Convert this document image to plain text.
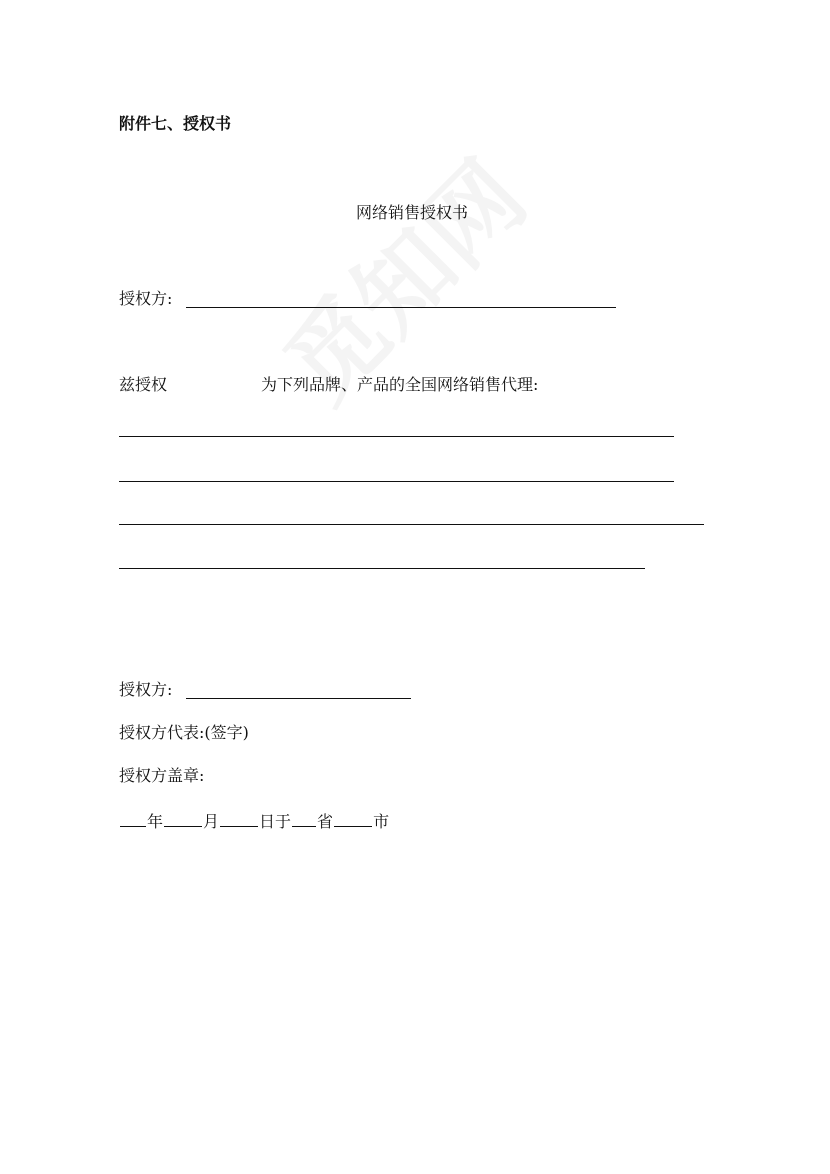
附件七、授权书
网络销售授权书
授权方:
兹授权	为下列品牌、产品的全国网络销售代理:
授权方:
授权方代表:(签字)
授权方盖章:
年	月	日于 省	市
